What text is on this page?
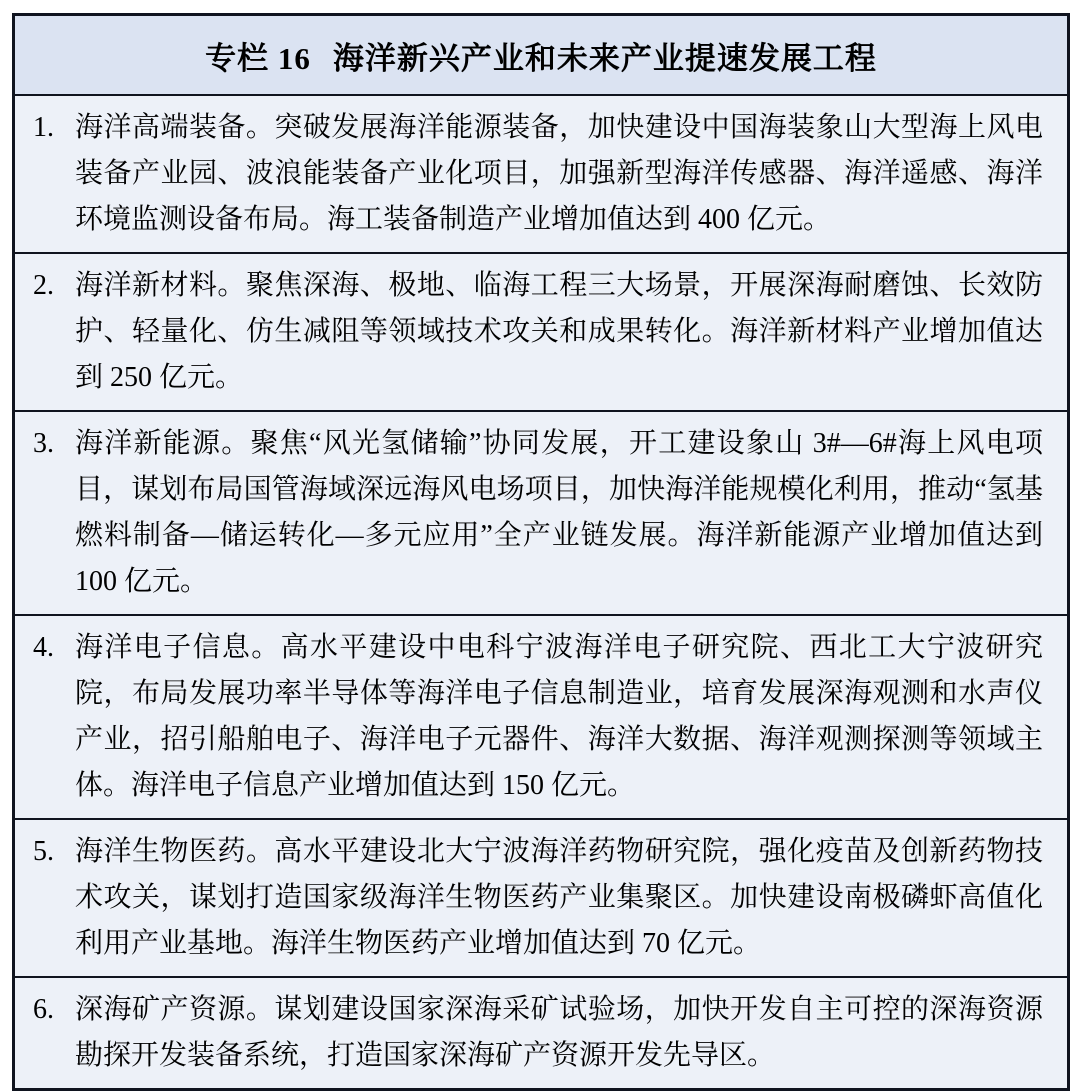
专栏 16 海洋新兴产业和未来产业提速发展工程
1. 海洋高端装备。突破发展海洋能源装备，加快建设中国海装象山大型海上风电装备产业园、波浪能装备产业化项目，加强新型海洋传感器、海洋遥感、海洋环境监测设备布局。海工装备制造产业增加值达到 400 亿元。
2. 海洋新材料。聚焦深海、极地、临海工程三大场景，开展深海耐磨蚀、长效防护、轻量化、仿生减阻等领域技术攻关和成果转化。海洋新材料产业增加值达到 250 亿元。
3. 海洋新能源。聚焦“风光氢储输”协同发展，开工建设象山 3#—6#海上风电项目，谋划布局国管海域深远海风电场项目，加快海洋能规模化利用，推动“氢基燃料制备—储运转化—多元应用”全产业链发展。海洋新能源产业增加值达到 100 亿元。
4. 海洋电子信息。高水平建设中电科宁波海洋电子研究院、西北工大宁波研究院，布局发展功率半导体等海洋电子信息制造业，培育发展深海观测和水声仪产业，招引船舶电子、海洋电子元器件、海洋大数据、海洋观测探测等领域主体。海洋电子信息产业增加值达到 150 亿元。
5. 海洋生物医药。高水平建设北大宁波海洋药物研究院，强化疫苗及创新药物技术攻关，谋划打造国家级海洋生物医药产业集聚区。加快建设南极磷虾高值化利用产业基地。海洋生物医药产业增加值达到 70 亿元。
6. 深海矿产资源。谋划建设国家深海采矿试验场，加快开发自主可控的深海资源勘探开发装备系统，打造国家深海矿产资源开发先导区。
